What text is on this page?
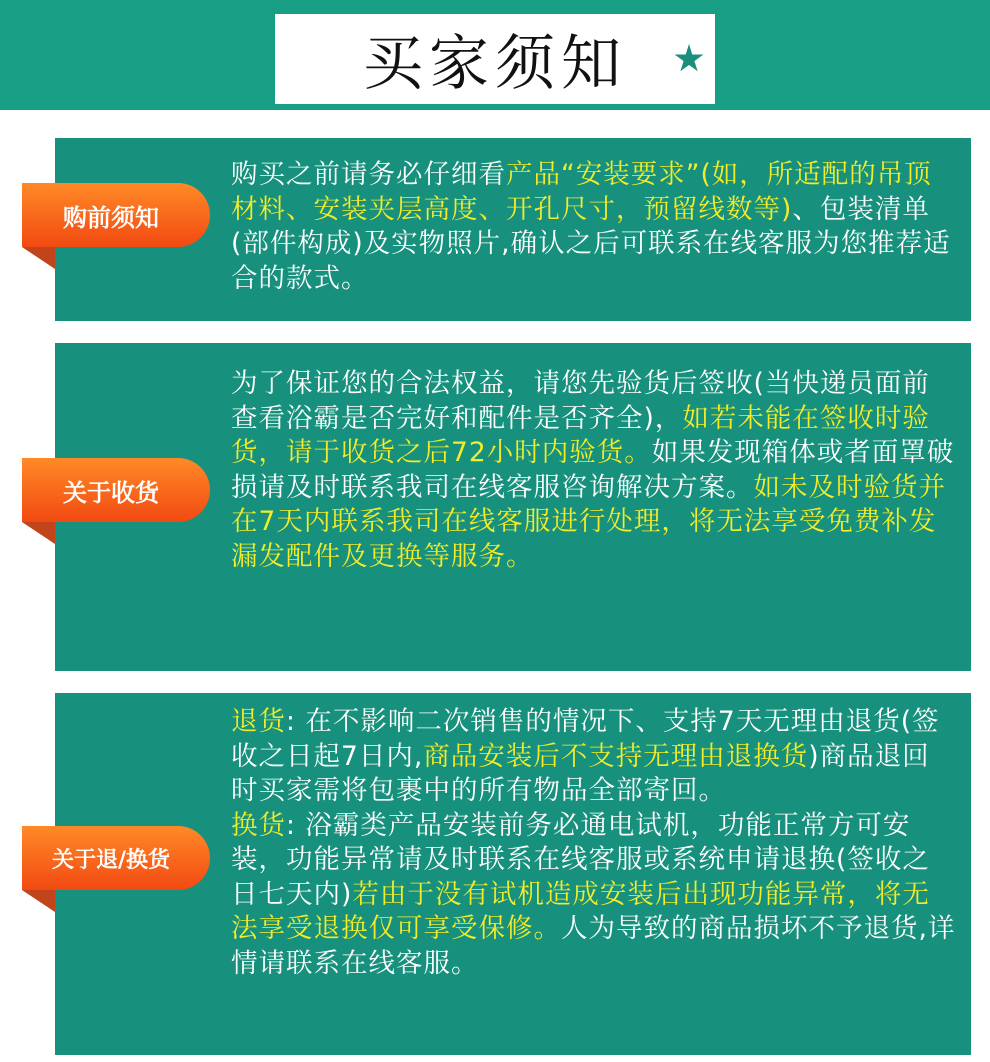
买家须知
购买之前请务必仔细看产品“安装要求”(如，所适配的吊顶材料、安装夹层高度、开孔尺寸，预留线数等)、包装清单(部件构成)及实物照片,确认之后可联系在线客服为您推荐适合的款式。
购前须知
为了保证您的合法权益，请您先验货后签收(当快递员面前查看浴霸是否完好和配件是否齐全)，如若未能在签收时验货，请于收货之后72小时内验货。如果发现箱体或者面罩破损请及时联系我司在线客服咨询解决方案。如未及时验货并在7天内联系我司在线客服进行处理，将无法享受免费补发漏发配件及更换等服务。
关于收货

退货: 在不影响二次销售的情况下、支持7天无理由退货(签收之日起7日内,商品安装后不支持无理由退换货)商品退回时买家需将包裹中的所有物品全部寄回。

换货: 浴霸类产品安装前务必通电试机，功能正常方可安装，功能异常请及时联系在线客服或系统申请退换(签收之日七天内)若由于没有试机造成安装后出现功能异常，将无法享受退换仅可享受保修。人为导致的商品损坏不予退货,详情请联系在线客服。

关于退/换货
